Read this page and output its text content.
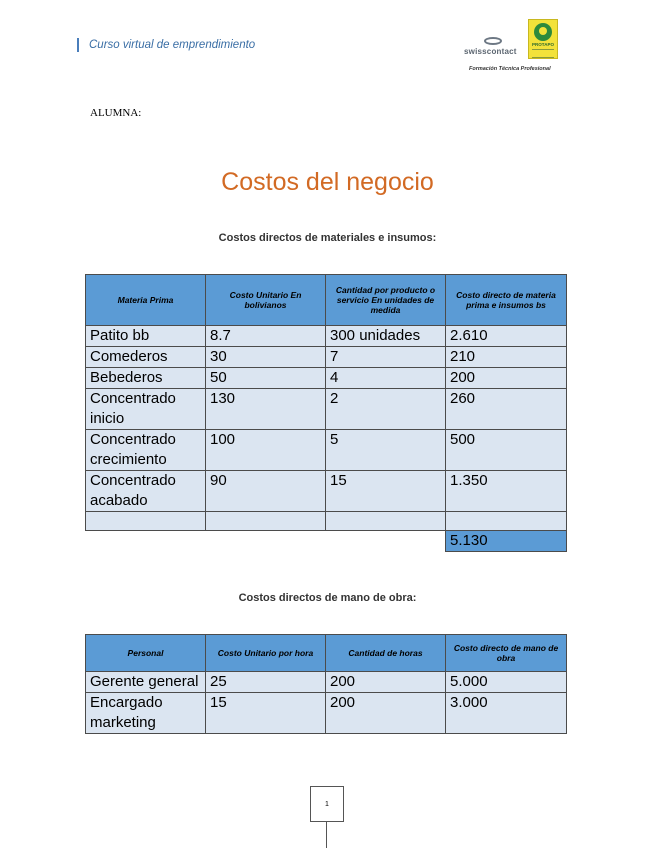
Curso virtual de emprendimiento
swisscontact
PROTAPO
Formación Técnica Profesional
ALUMNA:
Costos del negocio
Costos directos de materiales e insumos:
Materia Prima	Costo Unitario En bolivianos	Cantidad por producto o servicio En unidades de medida	Costo directo de materia prima e insumos bs
Patito bb	8.7	300 unidades	2.610
Comederos	30	7	210
Bebederos	50	4	200
Concentrado inicio	130	2	260
Concentrado crecimiento	100	5	500
Concentrado acabado	90	15	1.350

			5.130
Costos directos de mano de obra:
Personal	Costo Unitario por hora	Cantidad de horas	Costo directo de mano de obra
Gerente general	25	200	5.000
Encargado marketing	15	200	3.000
1
